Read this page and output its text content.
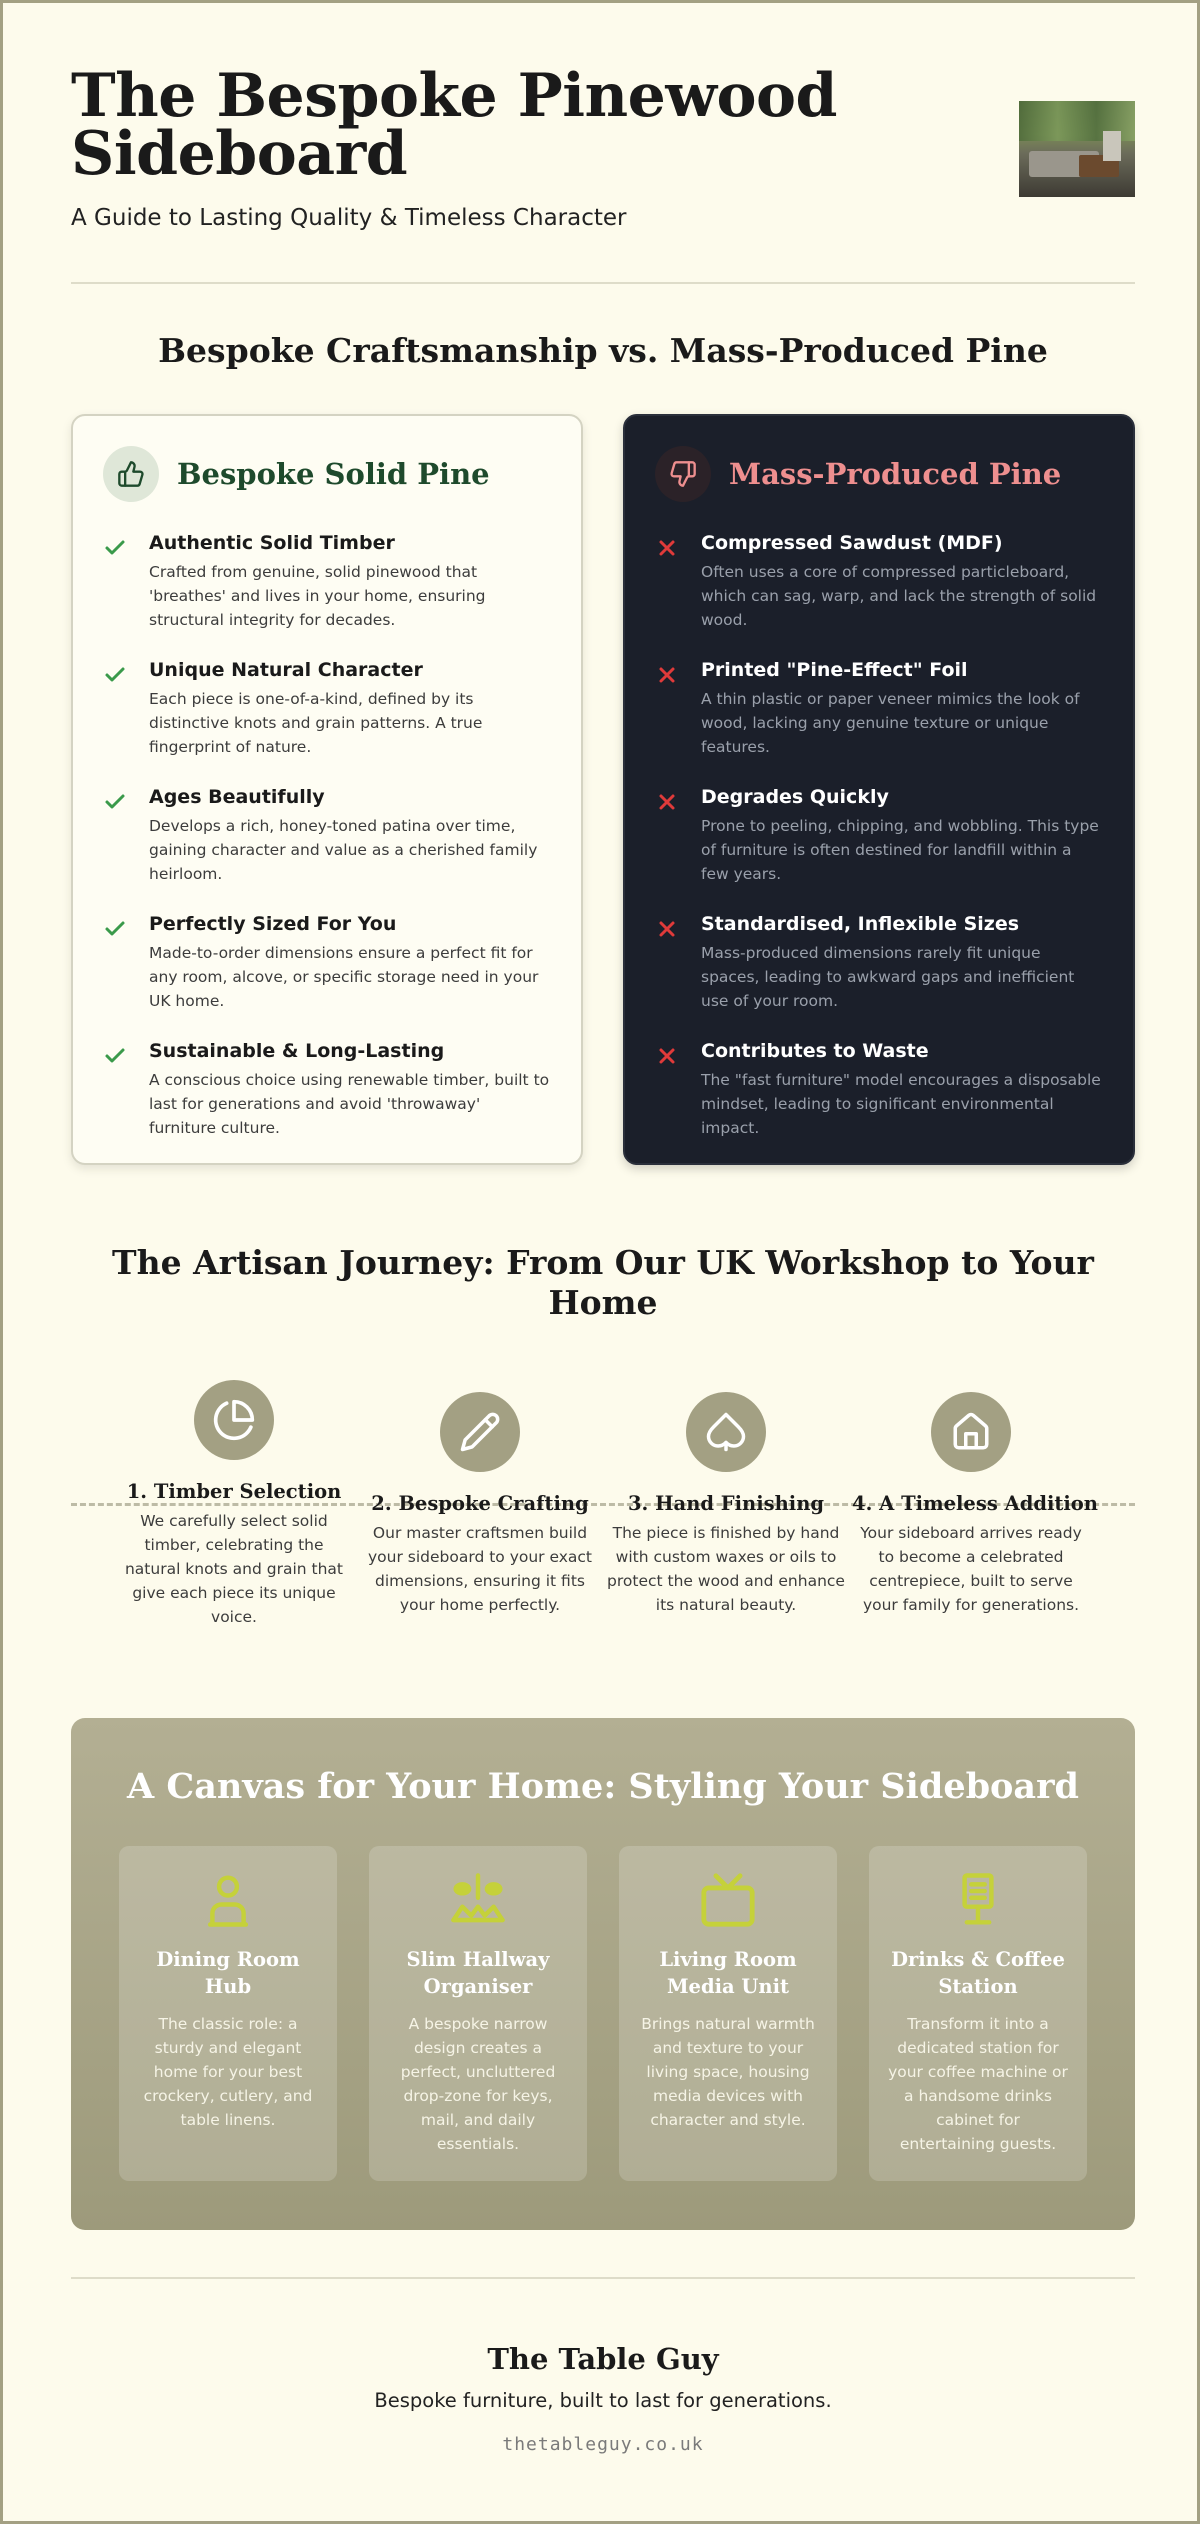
The Bespoke Pinewood Sideboard

A Guide to Lasting Quality & Timeless Character

Bespoke Craftsmanship vs. Mass-Produced Pine
Bespoke Solid Pine
Authentic Solid Timber
Crafted from genuine, solid pinewood that 'breathes' and lives in your home, ensuring structural integrity for decades.
Unique Natural Character
Each piece is one-of-a-kind, defined by its distinctive knots and grain patterns. A true fingerprint of nature.
Ages Beautifully
Develops a rich, honey-toned patina over time, gaining character and value as a cherished family heirloom.
Perfectly Sized For You
Made-to-order dimensions ensure a perfect fit for any room, alcove, or specific storage need in your UK home.
Sustainable & Long-Lasting
A conscious choice using renewable timber, built to last for generations and avoid 'throwaway' furniture culture.
Mass-Produced Pine
Compressed Sawdust (MDF)
Often uses a core of compressed particleboard, which can sag, warp, and lack the strength of solid wood.
Printed "Pine-Effect" Foil
A thin plastic or paper veneer mimics the look of wood, lacking any genuine texture or unique features.
Degrades Quickly
Prone to peeling, chipping, and wobbling. This type of furniture is often destined for landfill within a few years.
Standardised, Inflexible Sizes
Mass-produced dimensions rarely fit unique spaces, leading to awkward gaps and inefficient use of your room.
Contributes to Waste
The "fast furniture" model encourages a disposable mindset, leading to significant environmental impact.
The Artisan Journey: From Our UK Workshop to Your Home
1. Timber Selection
We carefully select solid timber, celebrating the natural knots and grain that give each piece its unique voice.
2. Bespoke Crafting
Our master craftsmen build your sideboard to your exact dimensions, ensuring it fits your home perfectly.
3. Hand Finishing
The piece is finished by hand with custom waxes or oils to protect the wood and enhance its natural beauty.
4. A Timeless Addition
Your sideboard arrives ready to become a celebrated centrepiece, built to serve your family for generations.
A Canvas for Your Home: Styling Your Sideboard
Dining Room Hub
The classic role: a sturdy and elegant home for your best crockery, cutlery, and table linens.
Slim Hallway Organiser
A bespoke narrow design creates a perfect, uncluttered drop-zone for keys, mail, and daily essentials.
Living Room Media Unit
Brings natural warmth and texture to your living space, housing media devices with character and style.
Drinks & Coffee Station
Transform it into a dedicated station for your coffee machine or a handsome drinks cabinet for entertaining guests.
The Table Guy
Bespoke furniture, built to last for generations.
thetableguy.co.uk
